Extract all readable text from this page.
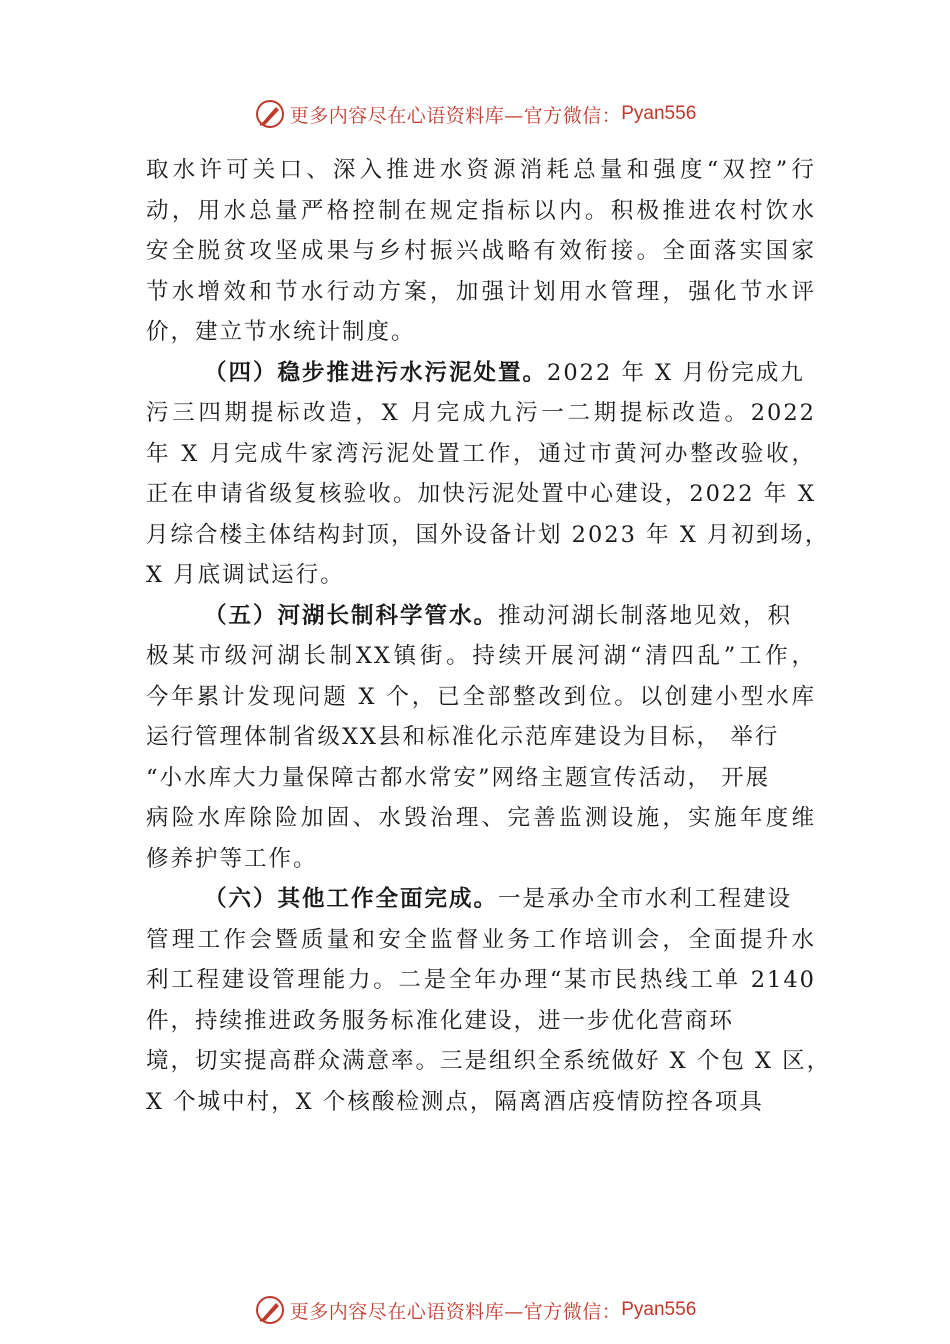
更多内容尽在心语资料库—官方微信： Pyan556
取水许可关口、深入推进水资源消耗总量和强度“双控”行
动，用水总量严格控制在规定指标以内。积极推进农村饮水
安全脱贫攻坚成果与乡村振兴战略有效衔接。全面落实国家
节水增效和节水行动方案，加强计划用水管理，强化节水评
价，建立节水统计制度。
（四）稳步推进污水污泥处置。2022 年 X 月份完成九
污三四期提标改造，X 月完成九污一二期提标改造。2022
年 X 月完成牛家湾污泥处置工作，通过市黄河办整改验收，
正在申请省级复核验收。加快污泥处置中心建设，2022 年 X
月综合楼主体结构封顶，国外设备计划 2023 年 X 月初到场，
X 月底调试运行。
（五）河湖长制科学管水。推动河湖长制落地见效，积
极某市级河湖长制XX镇街。持续开展河湖“清四乱”工作，
今年累计发现问题 X 个，已全部整改到位。以创建小型水库
运行管理体制省级XX县和标准化示范库建设为目标， 举行
“小水库大力量保障古都水常安”网络主题宣传活动， 开展
病险水库除险加固、水毁治理、完善监测设施，实施年度维
修养护等工作。
（六）其他工作全面完成。一是承办全市水利工程建设
管理工作会暨质量和安全监督业务工作培训会，全面提升水
利工程建设管理能力。二是全年办理“某市民热线工单 2140
件，持续推进政务服务标准化建设，进一步优化营商环
境，切实提高群众满意率。三是组织全系统做好 X 个包 X 区，
X 个城中村，X 个核酸检测点，隔离酒店疫情防控各项具
更多内容尽在心语资料库—官方微信： Pyan556
